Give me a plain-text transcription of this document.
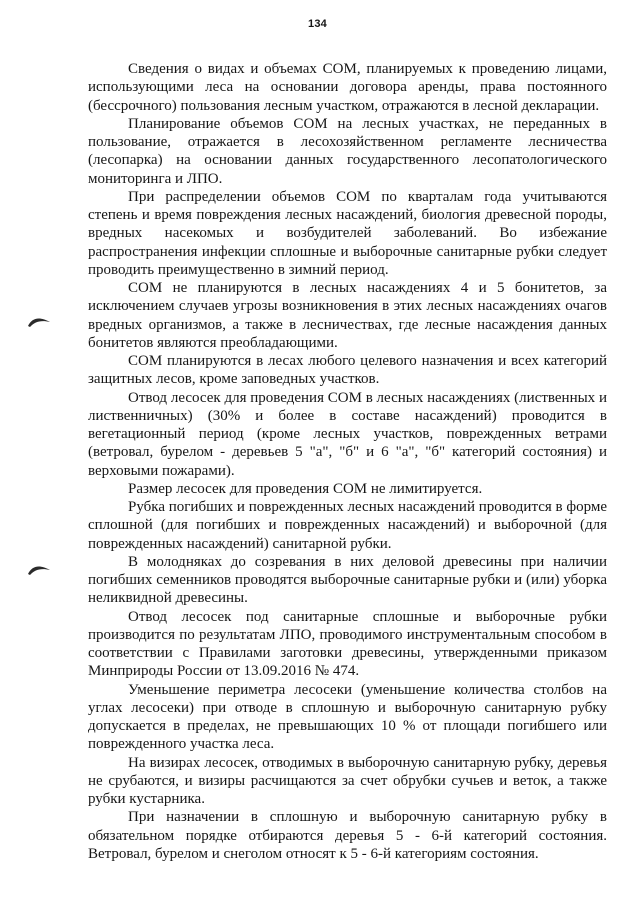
134

Сведения о видах и объемах СОМ, планируемых к проведению лицами, использующими леса на основании договора аренды, права постоянного (бессрочного) пользования лесным участком, отражаются в лесной декларации.

Планирование объемов СОМ на лесных участках, не переданных в пользование, отражается в лесохозяйственном регламенте лесничества (лесопарка) на основании данных государственного лесопатологического мониторинга и ЛПО.

При распределении объемов СОМ по кварталам года учитываются степень и время повреждения лесных насаждений, биология древесной породы, вредных насекомых и возбудителей заболеваний. Во избежание распространения инфекции сплошные и выборочные санитарные рубки следует проводить преимущественно в зимний период.

СОМ не планируются в лесных насаждениях 4 и 5 бонитетов, за исключением случаев угрозы возникновения в этих лесных насаждениях очагов вредных организмов, а также в лесничествах, где лесные насаждения данных бонитетов являются преобладающими.

СОМ планируются в лесах любого целевого назначения и всех категорий защитных лесов, кроме заповедных участков.

Отвод лесосек для проведения СОМ в лесных насаждениях (лиственных и лиственничных) (30% и более в составе насаждений) проводится в вегетационный период (кроме лесных участков, поврежденных ветрами (ветровал, бурелом - деревьев 5 "а", "б" и 6 "а", "б" категорий состояния) и верховыми пожарами).

Размер лесосек для проведения СОМ не лимитируется.

Рубка погибших и поврежденных лесных насаждений проводится в форме сплошной (для погибших и поврежденных насаждений) и выборочной (для поврежденных насаждений) санитарной рубки.

В молодняках до созревания в них деловой древесины при наличии погибших семенников проводятся выборочные санитарные рубки и (или) уборка неликвидной древесины.

Отвод лесосек под санитарные сплошные и выборочные рубки производится по результатам ЛПО, проводимого инструментальным способом в соответствии с Правилами заготовки древесины, утвержденными приказом Минприроды России от 13.09.2016 № 474.

Уменьшение периметра лесосеки (уменьшение количества столбов на углах лесосеки) при отводе в сплошную и выборочную санитарную рубку допускается в пределах, не превышающих 10 % от площади погибшего или поврежденного участка леса.

На визирах лесосек, отводимых в выборочную санитарную рубку, деревья не срубаются, и визиры расчищаются за счет обрубки сучьев и веток, а также рубки кустарника.

При назначении в сплошную и выборочную санитарную рубку в обязательном порядке отбираются деревья 5 - 6-й категорий состояния. Ветровал, бурелом и снеголом относят к 5 - 6-й категориям состояния.
